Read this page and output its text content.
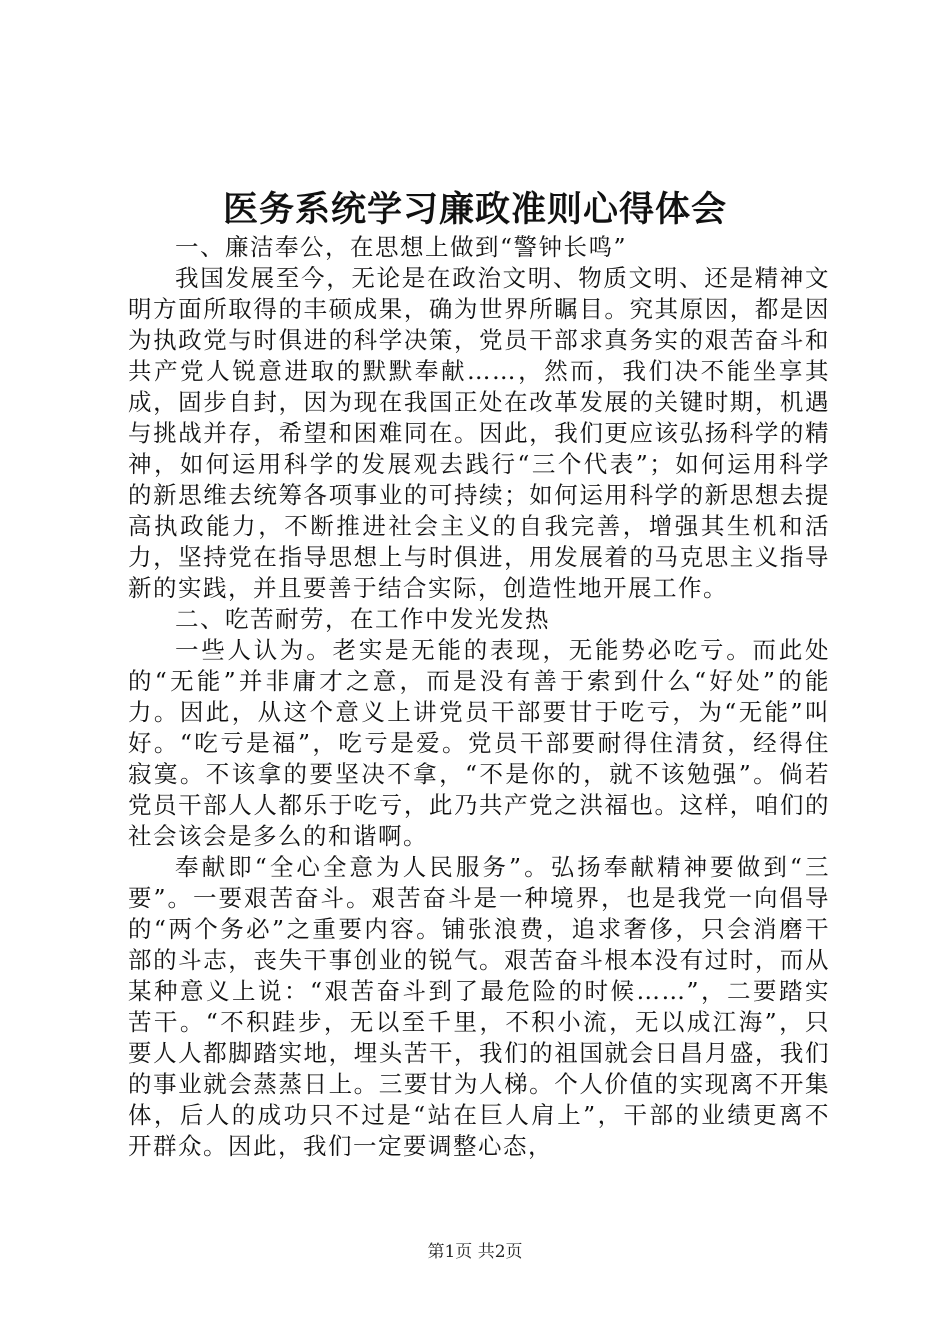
医务系统学习廉政准则心得体会

一、廉洁奉公，在思想上做到“警钟长鸣”

我国发展至今，无论是在政治文明、物质文明、还是精神文明方面所取得的丰硕成果，确为世界所瞩目。究其原因，都是因为执政党与时俱进的科学决策，党员干部求真务实的艰苦奋斗和共产党人锐意进取的默默奉献……，然而，我们决不能坐享其成，固步自封，因为现在我国正处在改革发展的关键时期，机遇与挑战并存，希望和困难同在。因此，我们更应该弘扬科学的精神，如何运用科学的发展观去践行“三个代表”；如何运用科学的新思维去统筹各项事业的可持续；如何运用科学的新思想去提高执政能力，不断推进社会主义的自我完善，增强其生机和活力，坚持党在指导思想上与时俱进，用发展着的马克思主义指导新的实践，并且要善于结合实际，创造性地开展工作。

二、吃苦耐劳，在工作中发光发热

一些人认为。老实是无能的表现，无能势必吃亏。而此处的“无能”并非庸才之意，而是没有善于索到什么“好处”的能力。因此，从这个意义上讲党员干部要甘于吃亏，为“无能”叫好。“吃亏是福”，吃亏是爱。党员干部要耐得住清贫，经得住寂寞。不该拿的要坚决不拿，“不是你的，就不该勉强”。倘若党员干部人人都乐于吃亏，此乃共产党之洪福也。这样，咱们的社会该会是多么的和谐啊。

奉献即“全心全意为人民服务”。弘扬奉献精神要做到“三要”。一要艰苦奋斗。艰苦奋斗是一种境界，也是我党一向倡导的“两个务必”之重要内容。铺张浪费，追求奢侈，只会消磨干部的斗志，丧失干事创业的锐气。艰苦奋斗根本没有过时，而从某种意义上说：“艰苦奋斗到了最危险的时候……”，二要踏实苦干。“不积跬步，无以至千里，不积小流，无以成江海”，只要人人都脚踏实地，埋头苦干，我们的祖国就会日昌月盛，我们的事业就会蒸蒸日上。三要甘为人梯。个人价值的实现离不开集体，后人的成功只不过是“站在巨人肩上”，干部的业绩更离不开群众。因此，我们一定要调整心态，

第1页 共2页
